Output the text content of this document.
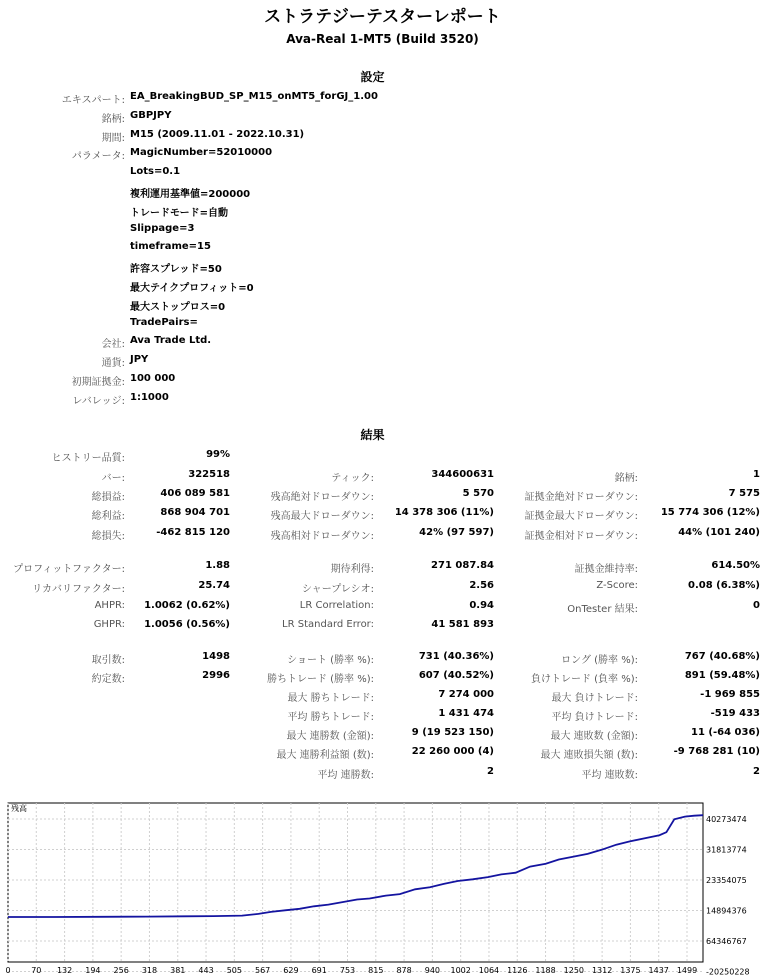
ストラテジーテスターレポート
Ava-Real 1-MT5 (Build 3520)
設定
エキスパート: EA_BreakingBUD_SP_M15_onMT5_forGJ_1.00
銘柄: GBPJPY
期間: M15 (2009.11.01 - 2022.10.31)
パラメータ: MagicNumber=52010000
Lots=0.1
複利運用基準値=200000
トレードモード=自動
Slippage=3
timeframe=15
許容スプレッド=50
最大テイクプロフィット=0
最大ストップロス=0
TradePairs=
会社: Ava Trade Ltd.
通貨: JPY
初期証拠金: 100 000
レバレッジ: 1:1000
結果
ヒストリー品質:	99%
バー:	322518	ティック:	344600631	銘柄:	1
総損益:	406 089 581	残高絶対ドローダウン:	5 570	証拠金絶対ドローダウン:	7 575
総利益:	868 904 701	残高最大ドローダウン: 14 378 306 (11%)	証拠金最大ドローダウン: 15 774 306 (12%)
総損失:	-462 815 120	残高相対ドローダウン:	42% (97 597)	証拠金相対ドローダウン:	44% (101 240)
プロフィットファクター:	1.88	期待利得:	271 087.84	証拠金維持率:	614.50%
リカバリファクター:	25.74	シャープレシオ:	2.56	Z-Score:	0.08 (6.38%)
AHPR: 1.0062 (0.62%)	LR Correlation:	0.94	OnTester 結果:	0
GHPR: 1.0056 (0.56%)	LR Standard Error:	41 581 893
取引数:	1498	ショート (勝率 %):	731 (40.36%)	ロング (勝率 %):	767 (40.68%)
約定数:	2996	勝ちトレード (勝率 %):	607 (40.52%)	負けトレード (負率 %):	891 (59.48%)
最大 勝ちトレード:	7 274 000	最大 負けトレード:	-1 969 855
平均 勝ちトレード:	1 431 474	平均 負けトレード:	-519 433
最大 連勝数 (金額):	9 (19 523 150)	最大 連敗数 (金額):	11 (-64 036)
最大 連勝利益額 (数):	22 260 000 (4)	最大 連敗損失額 (数):	-9 768 281 (10)
平均 連勝数:	2	平均 連敗数:	2
40273474
31813774
23354075
14894376
64346767
-20250228
0	70 132 194 256 318 381 443 505 567 629 691 753 815 878 940 1002 1064 1126 1188 1250 1312 1375 1437 1499
残高
